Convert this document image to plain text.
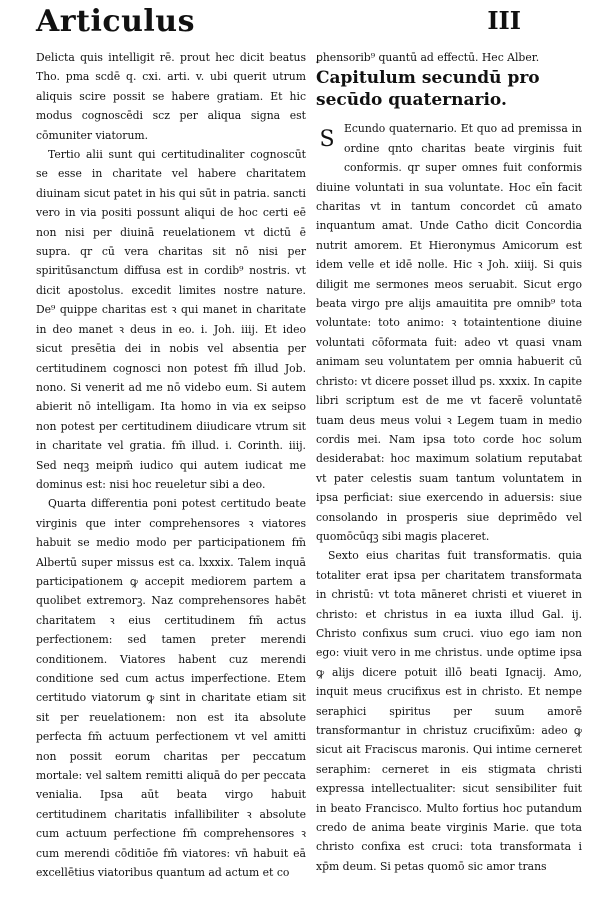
Articulus	III

Delicta quis intelligit rē. prout hec dicit beatus Tho. pma scdē q. cxi. arti. v. ubi querit utrum aliquis scire possit se habere gratiam. Et hic modus cognoscēdi scz per aliqua signa est cōmuniter viatorum.

Tertio alii sunt qui certitudinaliter cognoscūt se esse in charitate vel habere charitatem diuinam sicut patet in his qui sūt in patria. sancti vero in via positi possunt aliqui de hoc certi eē non nisi per diuinā reuelationem vt dictū ē supra. qr cū vera charitas sit nō nisi per spiritūsanctum diffusa est in cordib⁹ nostris. vt dicit apostolus. excedit limites nostre nature. De⁹ quippe charitas est ꝛ qui manet in charitate in deo manet ꝛ deus in eo. i. Joh. iiij. Et ideo sicut presētia dei in nobis vel absentia per certitudinem cognosci non potest fm̄ illud Job. nono. Si venerit ad me nō videbo eum. Si autem abierit nō intelligam. Ita homo in via ex seipso non potest per certitudinem diiudicare vtrum sit in charitate vel gratia. fm̄ illud. i. Corinth. iiij. Sed neqꝫ meipm̄ iudico qui autem iudicat me dominus est: nisi hoc reueletur sibi a deo.

Quarta differentia poni potest certitudo beate virginis que inter comprehensores ꝛ viatores habuit se medio modo per participationem fm̄ Albertū super missus est ca. lxxxix. Talem inquā participationem ꝙ accepit mediorem partem a quolibet extremorꝫ. Naz comprehensores habēt charitatem ꝛ eius certitudinem fm̄ actus perfectionem: sed tamen preter merendi conditionem. Viatores habent cuz merendi conditione sed cum actus imperfectione. Etem certitudo viatorum ꝙ sint in charitate etiam sit sit per reuelationem: non est ita absolute perfecta fm̄ actuum perfectionem vt vel amitti non possit eorum charitas per peccatum mortale: vel saltem remitti aliquā do per peccata venialia. Ipsa aūt beata virgo habuit certitudinem charitatis infallibiliter ꝛ absolute cum actuum perfectione fm̄ comprehensores ꝛ cum merendi cōditiōe fm̄ viatores: vn̄ habuit eā excellētius viatoribus quantum ad actum et co

ꝑhensorib⁹ quantū ad effectū. Hec Alber.

Capitulum secundū pro secūdo quaternario.
S Ecundo quaternario. Et quo ad premissa in ordine qnto charitas beate virginis fuit conformis. qr super omnes fuit conformis diuine voluntati in sua voluntate. Hoc eīn facit charitas vt in tantum concordet cū amato inquantum amat. Unde Catho dicit Concordia nutrit amorem. Et Hieronymus Amicorum est idem velle et idē nolle. Hic ꝛ Joh. xiiij. Si quis diligit me sermones meos seruabit. Sicut ergo beata virgo pre alijs amauitita pre omnib⁹ tota voluntate: toto animo: ꝛ totaintentione diuine voluntati cōformata fuit: adeo vt quasi vnam animam seu voluntatem per omnia habuerit cū christo: vt dicere posset illud ps. xxxix. In capite libri scriptum est de me vt facerē voluntatē tuam deus meus volui ꝛ Legem tuam in medio cordis mei. Nam ipsa toto corde hoc solum desiderabat: hoc maximum solatium reputabat vt pater celestis suam tantum voluntatem in ipsa perficiat: siue exercendo in aduersis: siue consolando in prosperis siue deprimēdo vel quomōcūqꝫ sibi magis placeret.

Sexto eius charitas fuit transformatis. quia totaliter erat ipsa per charitatem transformata in christū: vt tota māneret christi et viueret in christo: et christus in ea iuxta illud Gal. ij. Christo confixus sum cruci. viuo ego iam non ego: viuit vero in me christus. unde optime ipsa ꝙ alijs dicere potuit illō beati Ignacij. Amo, inquit meus crucifixus est in christo. Et nempe seraphici spiritus per suum amorē transformantur in christuz crucifixūm: adeo ꝙ sicut ait Fraciscus maronis. Qui intime cerneret seraphim: cerneret in eis stigmata christi expressa intellectualiter: sicut sensibiliter fuit in beato Francisco. Multo fortius hoc putandum credo de anima beate virginis Marie. que tota christo confixa est cruci: tota transformata i xp̄m deum. Si petas quomō sic amor trans
